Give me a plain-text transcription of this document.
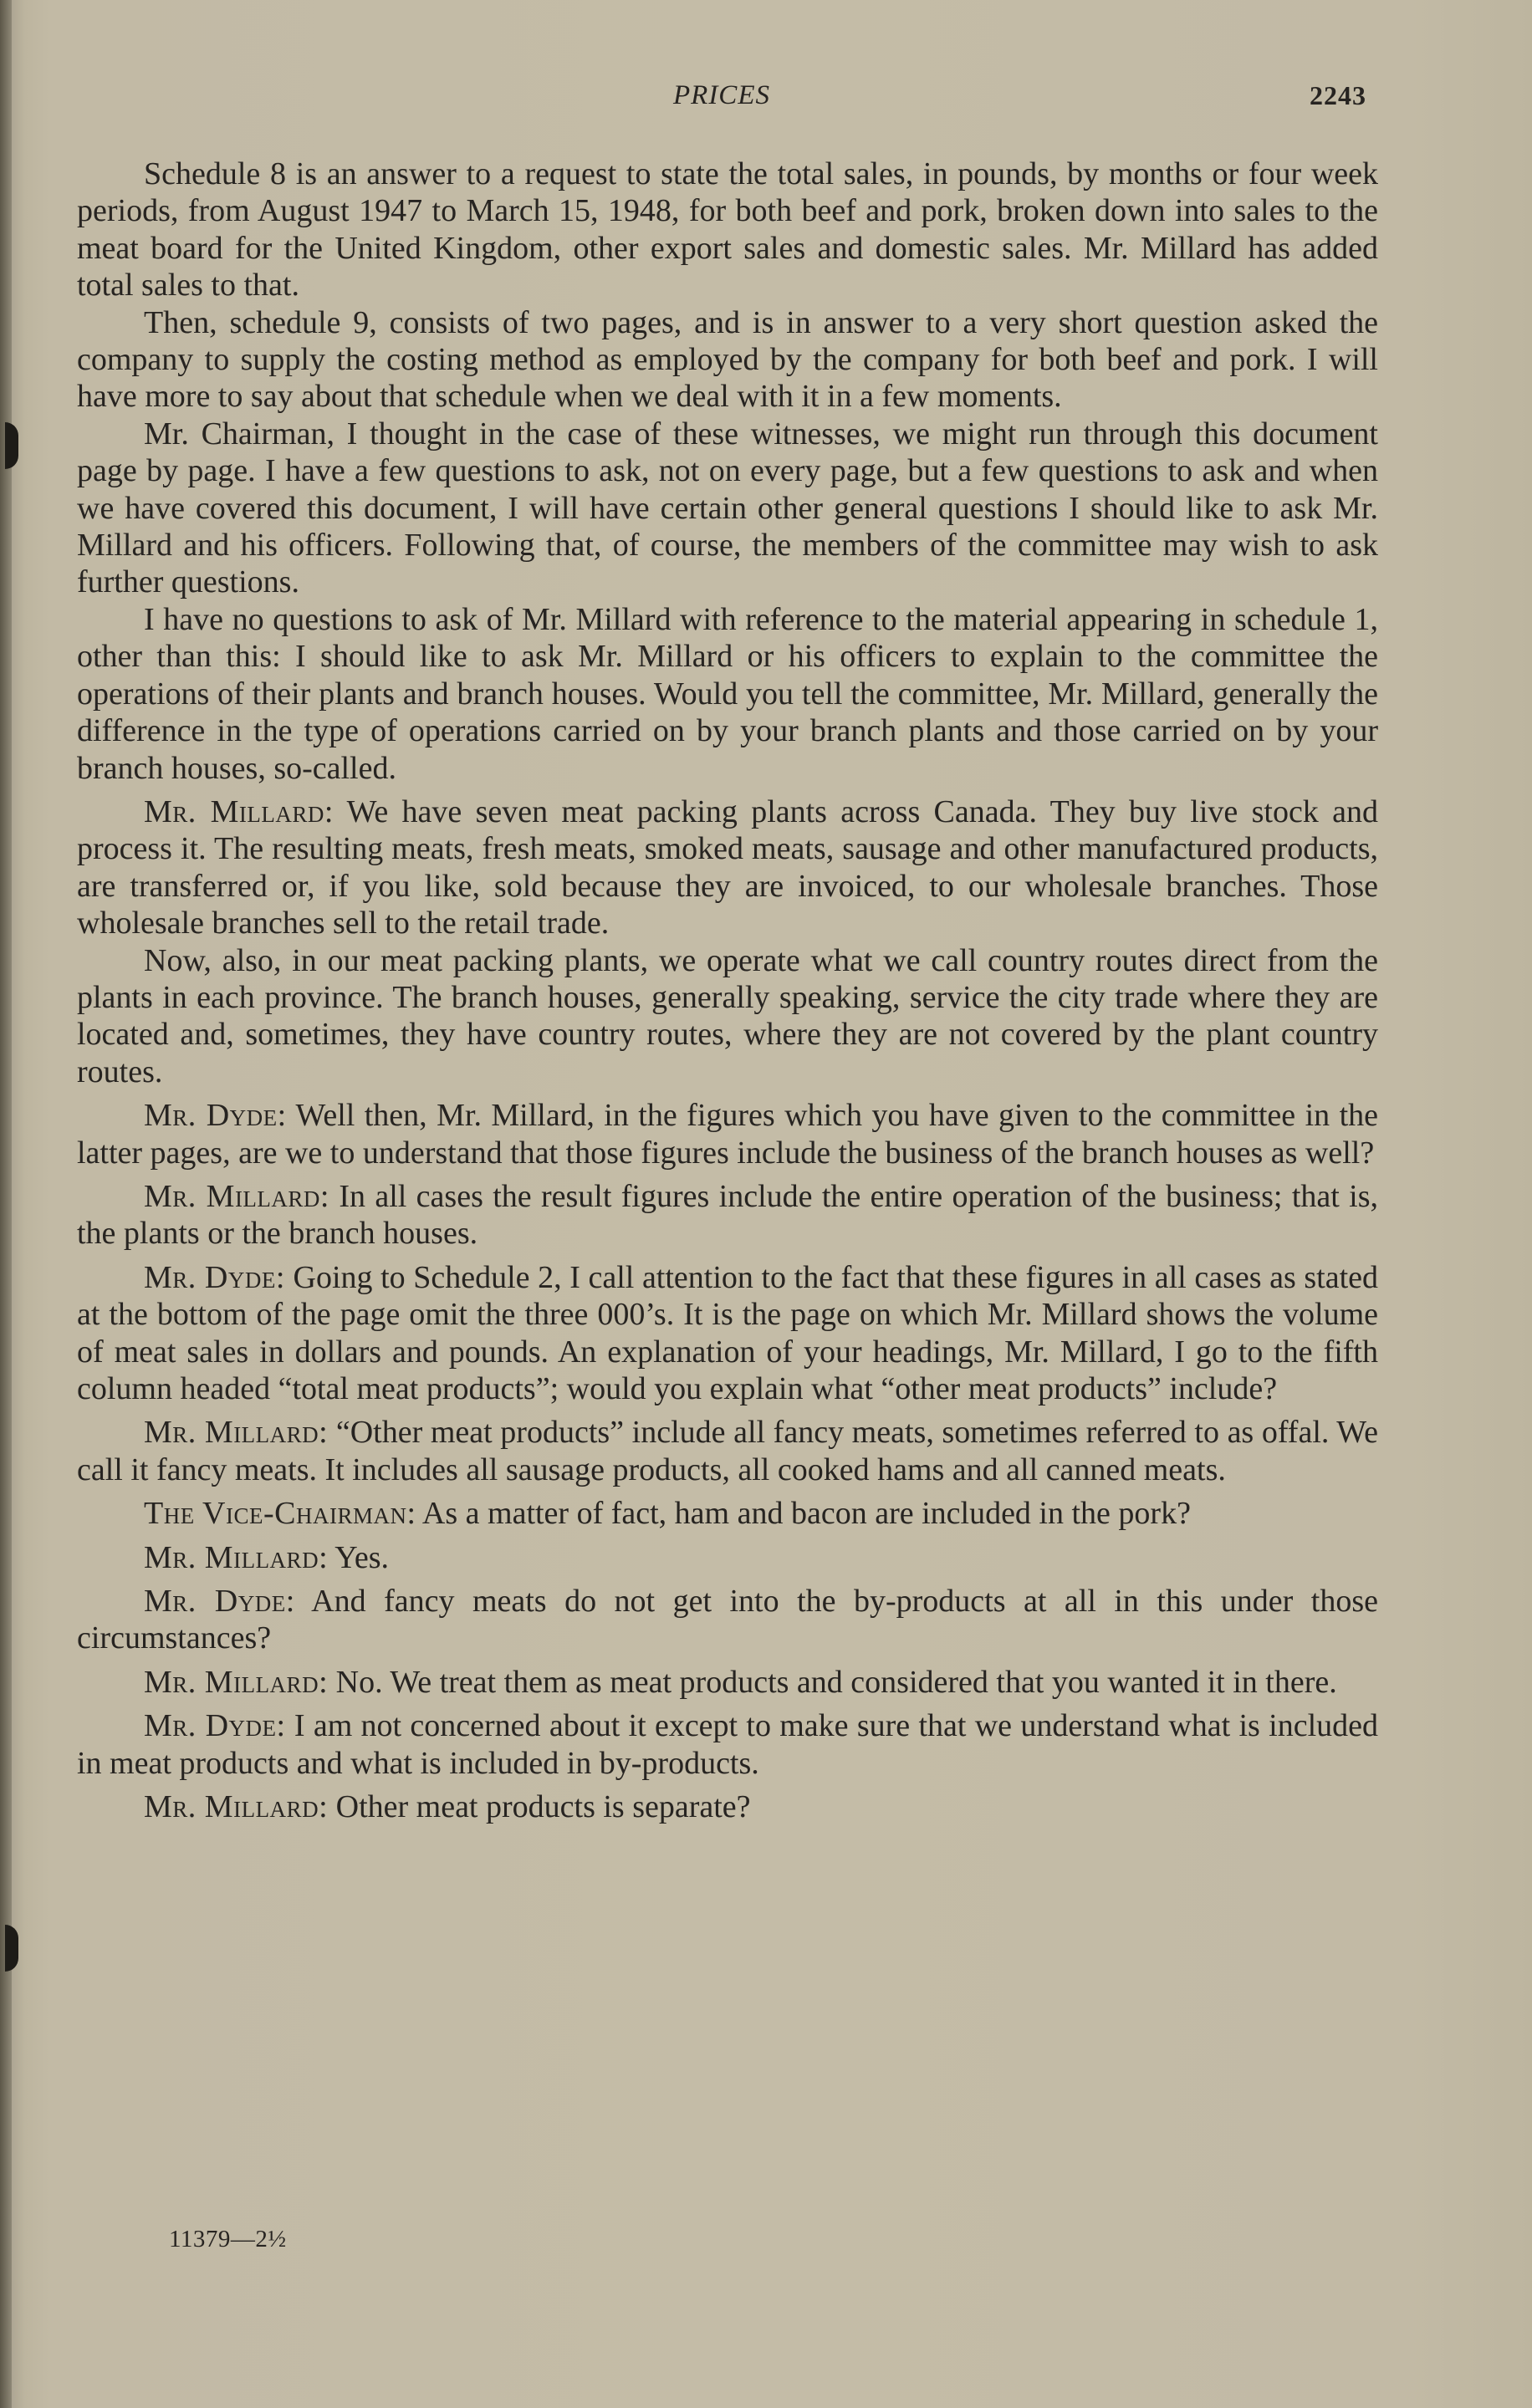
PRICES	2243

Schedule 8 is an answer to a request to state the total sales, in pounds, by months or four week periods, from August 1947 to March 15, 1948, for both beef and pork, broken down into sales to the meat board for the United Kingdom, other export sales and domestic sales. Mr. Millard has added total sales to that.

Then, schedule 9, consists of two pages, and is in answer to a very short question asked the company to supply the costing method as employed by the company for both beef and pork. I will have more to say about that schedule when we deal with it in a few moments.

Mr. Chairman, I thought in the case of these witnesses, we might run through this document page by page. I have a few questions to ask, not on every page, but a few questions to ask and when we have covered this document, I will have certain other general questions I should like to ask Mr. Millard and his officers. Following that, of course, the members of the committee may wish to ask further questions.

I have no questions to ask of Mr. Millard with reference to the material appearing in schedule 1, other than this: I should like to ask Mr. Millard or his officers to explain to the committee the operations of their plants and branch houses. Would you tell the committee, Mr. Millard, generally the difference in the type of operations carried on by your branch plants and those carried on by your branch houses, so-called.

Mr. Millard: We have seven meat packing plants across Canada. They buy live stock and process it. The resulting meats, fresh meats, smoked meats, sausage and other manufactured products, are transferred or, if you like, sold because they are invoiced, to our wholesale branches. Those wholesale branches sell to the retail trade.

Now, also, in our meat packing plants, we operate what we call country routes direct from the plants in each province. The branch houses, generally speaking, service the city trade where they are located and, sometimes, they have country routes, where they are not covered by the plant country routes.

Mr. Dyde: Well then, Mr. Millard, in the figures which you have given to the committee in the latter pages, are we to understand that those figures include the business of the branch houses as well?

Mr. Millard: In all cases the result figures include the entire operation of the business; that is, the plants or the branch houses.

Mr. Dyde: Going to Schedule 2, I call attention to the fact that these figures in all cases as stated at the bottom of the page omit the three 000’s. It is the page on which Mr. Millard shows the volume of meat sales in dollars and pounds. An explanation of your headings, Mr. Millard, I go to the fifth column headed “total meat products”; would you explain what “other meat products” include?

Mr. Millard: “Other meat products” include all fancy meats, sometimes referred to as offal. We call it fancy meats. It includes all sausage products, all cooked hams and all canned meats.

The Vice-Chairman: As a matter of fact, ham and bacon are included in the pork?

Mr. Millard: Yes.

Mr. Dyde: And fancy meats do not get into the by-products at all in this under those circumstances?

Mr. Millard: No. We treat them as meat products and considered that you wanted it in there.

Mr. Dyde: I am not concerned about it except to make sure that we understand what is included in meat products and what is included in by-products.

Mr. Millard: Other meat products is separate?

11379—2½
